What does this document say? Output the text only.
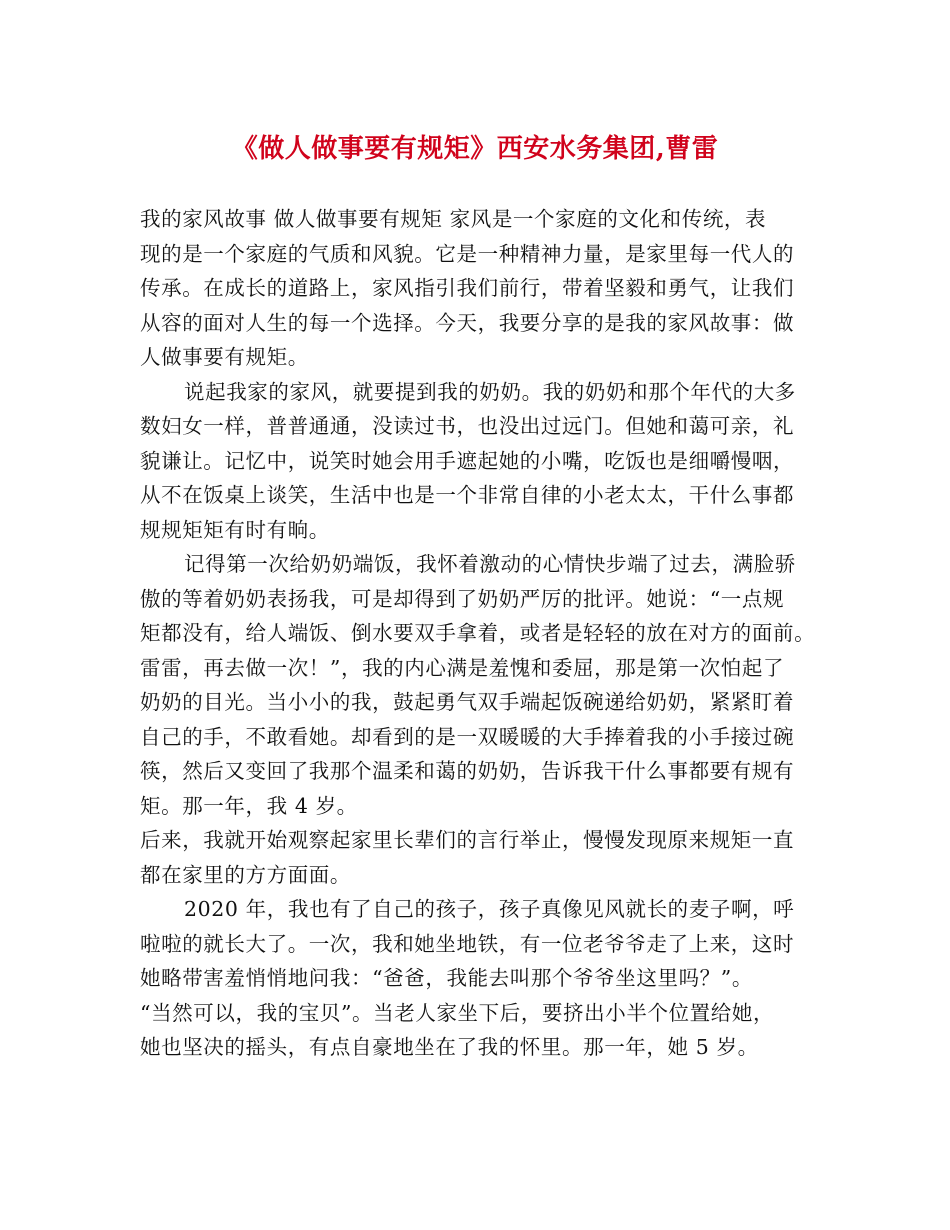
《做人做事要有规矩》西安水务集团,曹雷
我的家风故事 做人做事要有规矩 家风是一个家庭的文化和传统，表
现的是一个家庭的气质和风貌。它是一种精神力量，是家里每一代人的
传承。在成长的道路上，家风指引我们前行，带着坚毅和勇气，让我们
从容的面对人生的每一个选择。今天，我要分享的是我的家风故事：做
人做事要有规矩。
说起我家的家风，就要提到我的奶奶。我的奶奶和那个年代的大多
数妇女一样，普普通通，没读过书，也没出过远门。但她和蔼可亲，礼
貌谦让。记忆中，说笑时她会用手遮起她的小嘴，吃饭也是细嚼慢咽，
从不在饭桌上谈笑，生活中也是一个非常自律的小老太太，干什么事都
规规矩矩有时有晌。
记得第一次给奶奶端饭，我怀着激动的心情快步端了过去，满脸骄
傲的等着奶奶表扬我，可是却得到了奶奶严厉的批评。她说：“一点规
矩都没有，给人端饭、倒水要双手拿着，或者是轻轻的放在对方的面前。
雷雷，再去做一次！”，我的内心满是羞愧和委屈，那是第一次怕起了
奶奶的目光。当小小的我，鼓起勇气双手端起饭碗递给奶奶，紧紧盯着
自己的手，不敢看她。却看到的是一双暖暖的大手捧着我的小手接过碗
筷，然后又变回了我那个温柔和蔼的奶奶，告诉我干什么事都要有规有
矩。那一年，我 4 岁。
后来，我就开始观察起家里长辈们的言行举止，慢慢发现原来规矩一直
都在家里的方方面面。
2020 年，我也有了自己的孩子，孩子真像见风就长的麦子啊，呼
啦啦的就长大了。一次，我和她坐地铁，有一位老爷爷走了上来，这时
她略带害羞悄悄地问我：“爸爸，我能去叫那个爷爷坐这里吗？”。
“当然可以，我的宝贝”。当老人家坐下后，要挤出小半个位置给她，
她也坚决的摇头，有点自豪地坐在了我的怀里。那一年，她 5 岁。
